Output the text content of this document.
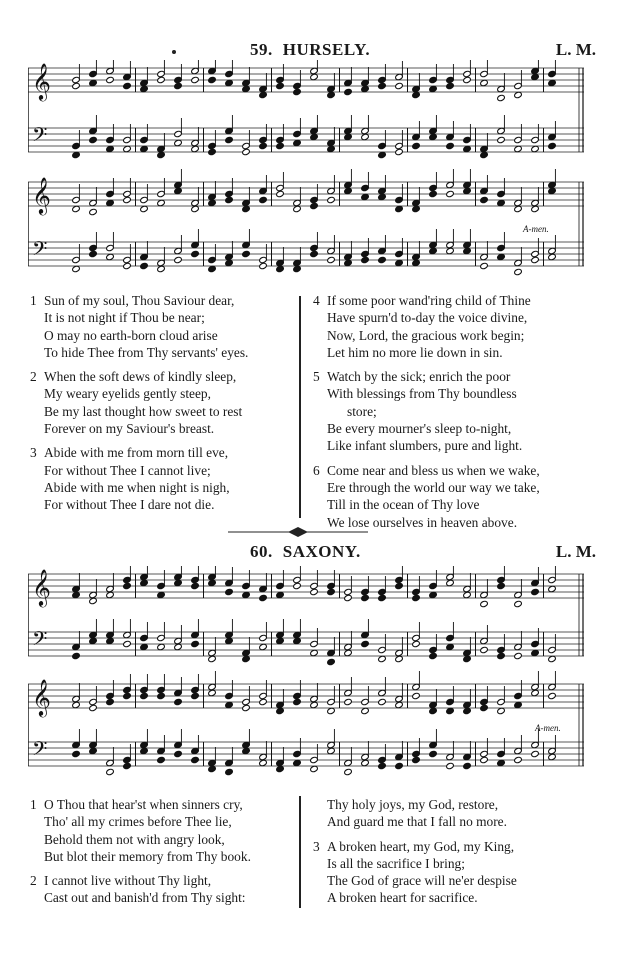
59. HURSELY.	L. M.
𝄞
𝄢
𝄞
𝄢
A-men.
1 Sun of my soul, Thou Saviour dear,
It is not night if Thou be near;
O may no earth-born cloud arise
To hide Thee from Thy servants' eyes.
2 When the soft dews of kindly sleep,
My weary eyelids gently steep,
Be my last thought how sweet to rest
Forever on my Saviour's breast.
3 Abide with me from morn till eve,
For without Thee I cannot live;
Abide with me when night is nigh,
For without Thee I dare not die.
4 If some poor wand'ring child of Thine
Have spurn'd to-day the voice divine,
Now, Lord, the gracious work begin;
Let him no more lie down in sin.
5 Watch by the sick; enrich the poor
With blessings from Thy boundless
store;
Be every mourner's sleep to-night,
Like infant slumbers, pure and light.
6 Come near and bless us when we wake,
Ere through the world our way we take,
Till in the ocean of Thy love
We lose ourselves in heaven above.
60. SAXONY.	L. M.
𝄞
𝄢
𝄞
𝄢
A-men.
1 O Thou that hear'st when sinners cry,
Tho' all my crimes before Thee lie,
Behold them not with angry look,
But blot their memory from Thy book.
2 I cannot live without Thy light,
Cast out and banish'd from Thy sight:
Thy holy joys, my God, restore,
And guard me that I fall no more.
3 A broken heart, my God, my King,
Is all the sacrifice I bring;
The God of grace will ne'er despise
A broken heart for sacrifice.
